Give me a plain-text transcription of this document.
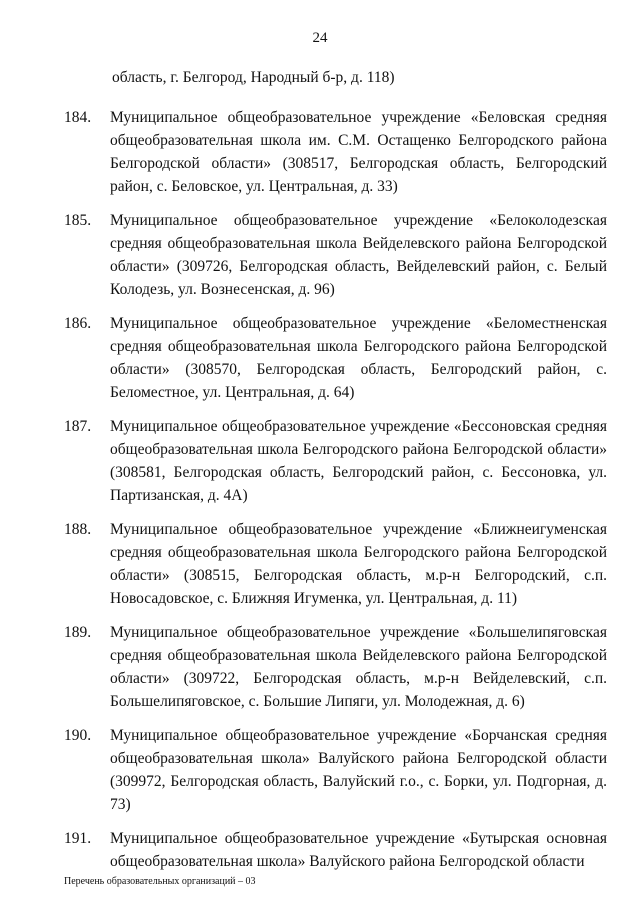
24
область, г. Белгород, Народный б-р, д. 118)
184. Муниципальное общеобразовательное учреждение «Беловская средняя общеобразовательная школа им. С.М. Остащенко Белгородского района Белгородской области» (308517, Белгородская область, Белгородский район, с. Беловское, ул. Центральная, д. 33)
185. Муниципальное общеобразовательное учреждение «Белоколодезская средняя общеобразовательная школа Вейделевского района Белгородской области» (309726, Белгородская область, Вейделевский район, с. Белый Колодезь, ул. Вознесенская, д. 96)
186. Муниципальное общеобразовательное учреждение «Беломестненская средняя общеобразовательная школа Белгородского района Белгородской области» (308570, Белгородская область, Белгородский район, с. Беломестное, ул. Центральная, д. 64)
187. Муниципальное общеобразовательное учреждение «Бессоновская средняя общеобразовательная школа Белгородского района Белгородской области» (308581, Белгородская область, Белгородский район, с. Бессоновка, ул. Партизанская, д. 4А)
188. Муниципальное общеобразовательное учреждение «Ближнеигуменская средняя общеобразовательная школа Белгородского района Белгородской области» (308515, Белгородская область, м.р-н Белгородский, с.п. Новосадовское, с. Ближняя Игуменка, ул. Центральная, д. 11)
189. Муниципальное общеобразовательное учреждение «Большелипяговская средняя общеобразовательная школа Вейделевского района Белгородской области» (309722, Белгородская область, м.р-н Вейделевский, с.п. Большелипяговское, с. Большие Липяги, ул. Молодежная, д. 6)
190. Муниципальное общеобразовательное учреждение «Борчанская средняя общеобразовательная школа» Валуйского района Белгородской области (309972, Белгородская область, Валуйский г.о., с. Борки, ул. Подгорная, д. 73)
191. Муниципальное общеобразовательное учреждение «Бутырская основная общеобразовательная школа» Валуйского района Белгородской области
Перечень образовательных организаций – 03
